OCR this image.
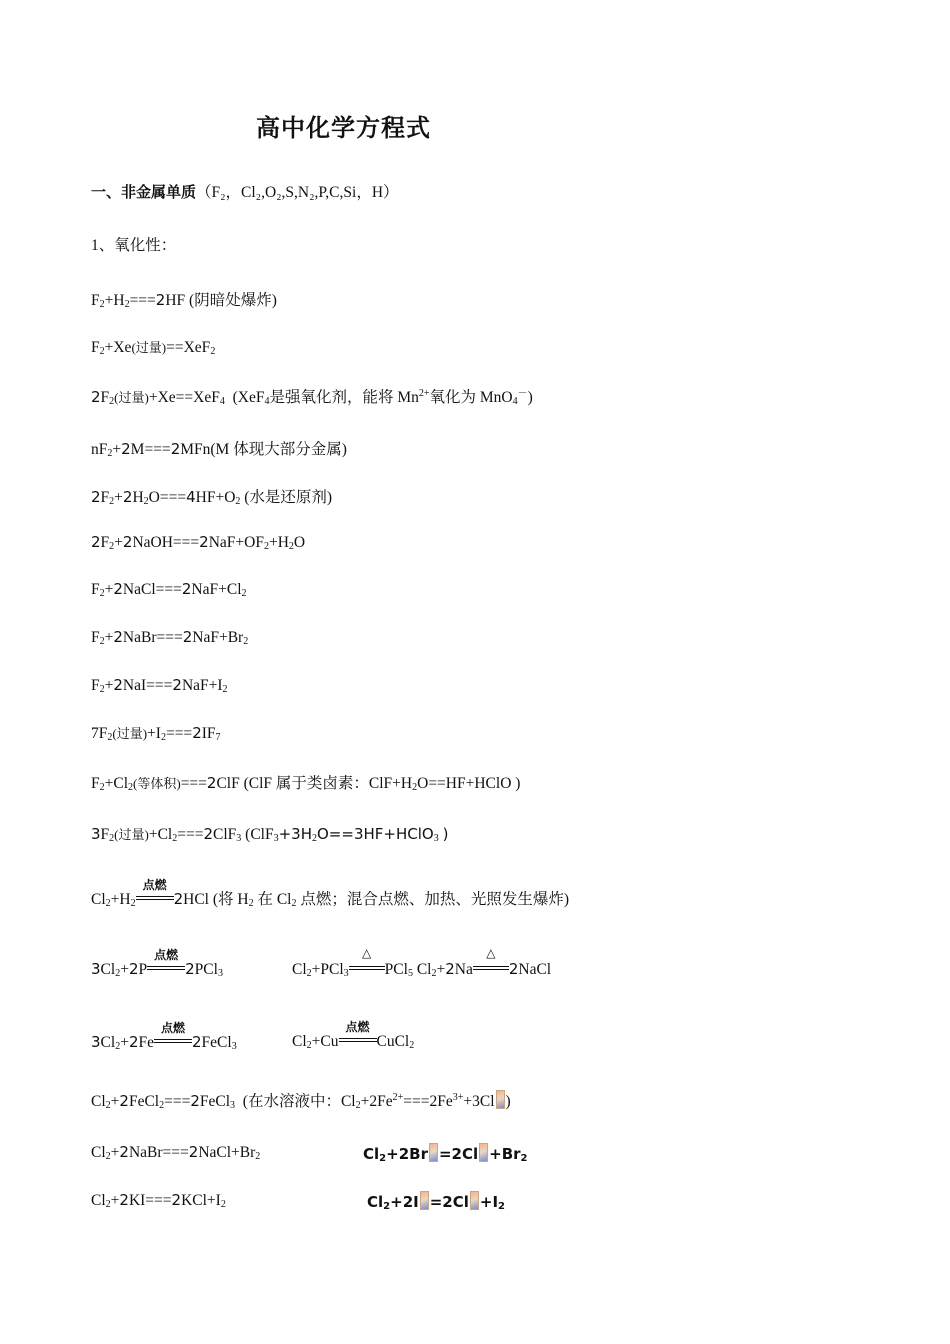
高中化学方程式
一、非金属单质（F₂，Cl₂,O₂,S,N₂,P,C,Si，H）
1、氧化性：
$F_2+H_2===2HF$ (阴暗处爆炸)
$F_2+Xe$(过量)==XeF$_2$
$2F_2$(过量)+Xe==XeF$_4$ (XeF$_4$是强氧化剂，能将 $Mn^{2+}$氧化为 MnO$_4$－)
$nF_2+2M===2MFn(M$ 体现大部分金属)
$2F_2+2H_2O===4HF+O_2$ (水是还原剂)
$2F_2+2NaOH===2NaF+OF_2+H_2O$
$F_2+2NaCl===2NaF+Cl_2$
$F_2+2NaBr===2NaF+Br_2$
$F_2+2NaI===2NaF+I_2$
$7F_2$(过量)$+I_2===2IF_7$
$F_2+Cl_2$(等体积)===2ClF (ClF 属于类卤素：$ClF+H_2O==HF+HClO$ )
$3F_2$(过量)$+Cl_2===2ClF_3$ ($ClF_3+3H_2O==3HF+HClO_3$ )
$Cl_2+H_2$
点燃
2HCl (将 $H_2$ 在 $Cl_2$ 点燃；混合点燃、加热、光照发生爆炸)
$3Cl_2+2P$
点燃
2PCl$_3$	$Cl_2+PCl_3$
△
PCl$_5$ $Cl_2+2Na$
△
2NaCl
$3Cl_2+2Fe$
点燃
2FeCl$_3$	$Cl_2+Cu$
点燃
CuCl$_2$
$Cl_2+2FeCl_2===2FeCl_3$ (在水溶液中：$Cl_2+2Fe^{2+}===2Fe^{3+}+3Cl$ )
$Cl_2+2NaBr===2NaCl+Br_2$	$Cl_2+2Br =2Cl +Br_2$
$Cl_2+2KI===2KCl+I_2$	$Cl_2+2I =2Cl +I_2$
